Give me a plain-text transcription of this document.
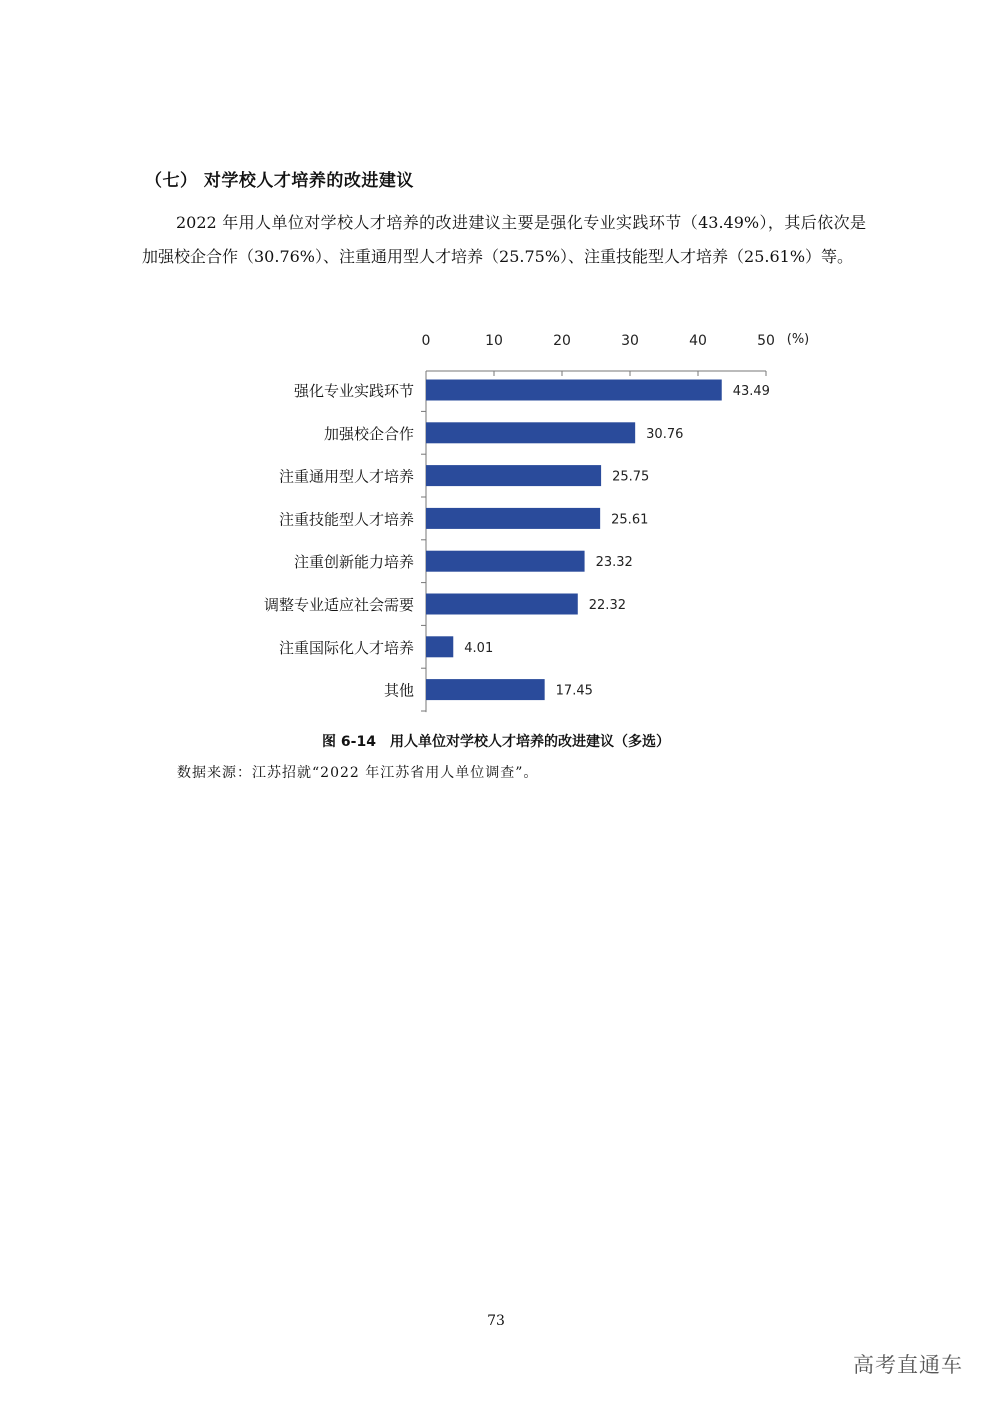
（七） 对学校人才培养的改进建议
2022 年用人单位对学校人才培养的改进建议主要是强化专业实践环节（43.49%），其后依次是加强校企合作（30.76%）、注重通用型人才培养（25.75%）、注重技能型人才培养（25.61%）等。
0	10	20	30	40	50 (%)
强化专业实践环节	43.49
加强校企合作	30.76
注重通用型人才培养	25.75
注重技能型人才培养	25.61
注重创新能力培养	23.32
调整专业适应社会需要	22.32
注重国际化人才培养	4.01
其他	17.45
图 6-14　用人单位对学校人才培养的改进建议（多选）
数据来源：江苏招就“2022 年江苏省用人单位调查”。
73
高考直通车
